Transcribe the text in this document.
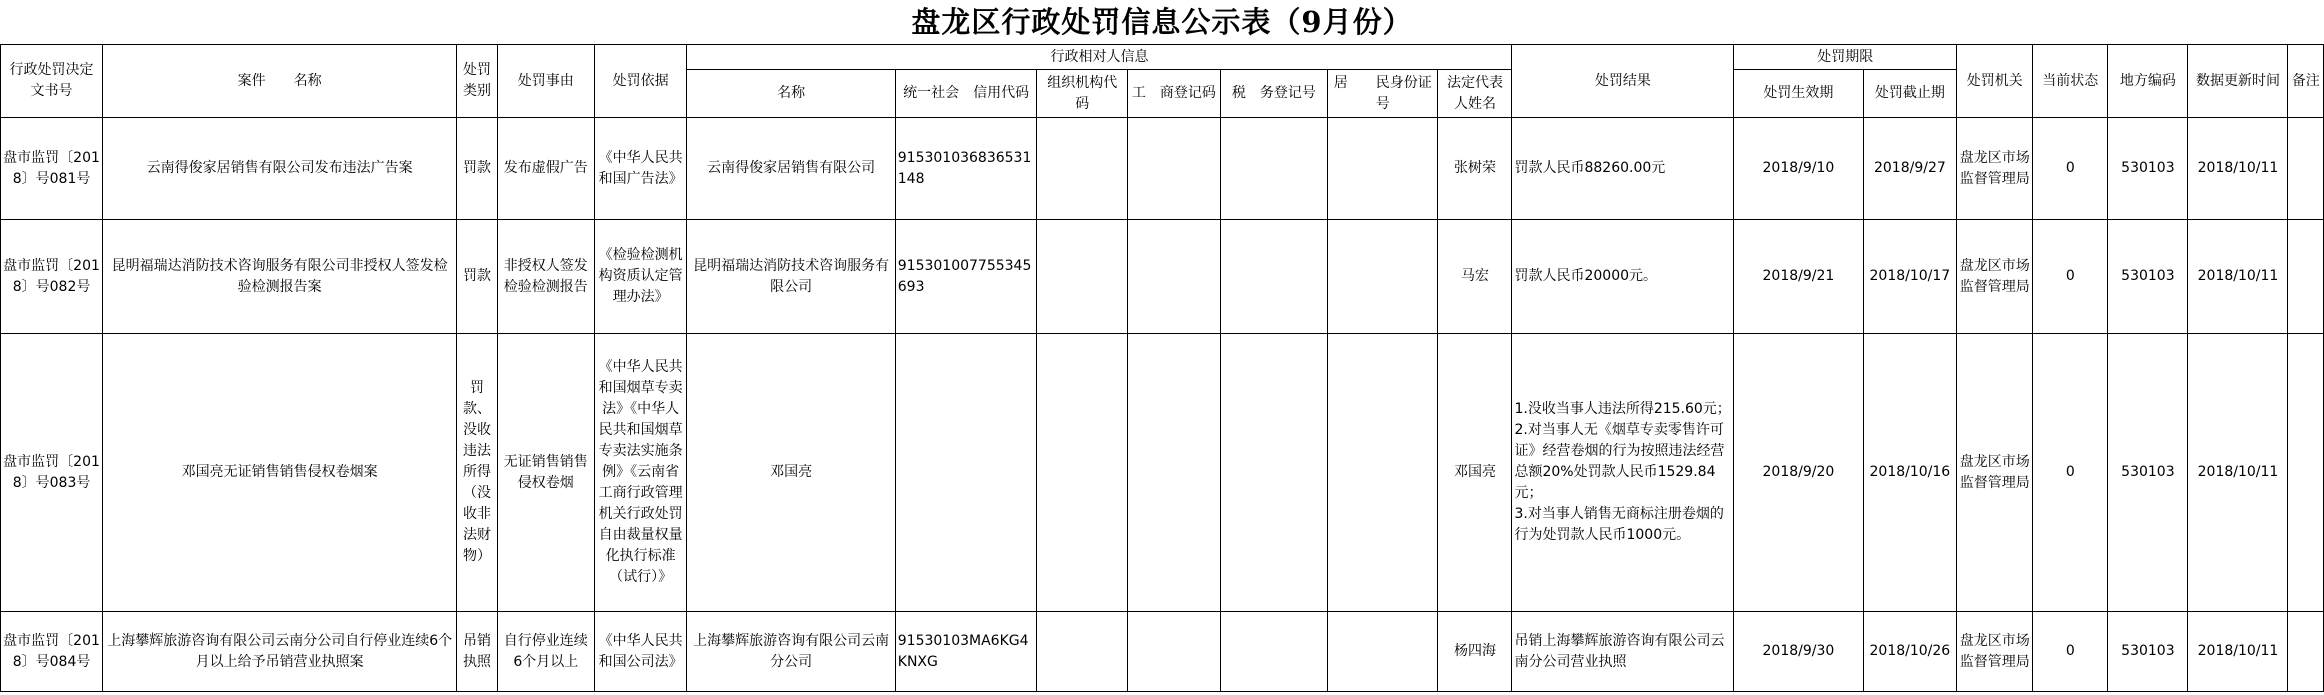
盘龙区行政处罚信息公示表（9月份）
行政处罚决定文书号	案件　　名称	处罚类别	处罚事由	处罚依据	行政相对人信息							处罚结果	处罚期限		处罚机关	当前状态	地方编码	数据更新时间	备注
					名称	统一社会　信用代码	组织机构代　　码	工　商登记码	税　务登记号	居　　民身份证号	法定代表人姓名		处罚生效期	处罚截止期					
盘市监罚〔2018〕号081号	云南得俊家居销售有限公司发布违法广告案	罚款	发布虚假广告	《中华人民共和国广告法》	云南得俊家居销售有限公司	915301036836531148					张树荣	罚款人民币88260.00元	2018/9/10	2018/9/27	盘龙区市场监督管理局	0	530103	2018/10/11	
盘市监罚〔2018〕号082号	昆明福瑞达消防技术咨询服务有限公司非授权人签发检验检测报告案	罚款	非授权人签发检验检测报告	《检验检测机构资质认定管理办法》	昆明福瑞达消防技术咨询服务有限公司	915301007755345693					马宏	罚款人民币20000元。	2018/9/21	2018/10/17	盘龙区市场监督管理局	0	530103	2018/10/11	
盘市监罚〔2018〕号083号	邓国亮无证销售销售侵权卷烟案	罚款、没收违法所得（没收非法财物）	无证销售销售侵权卷烟	《中华人民共和国烟草专卖法》《中华人民共和国烟草专卖法实施条例》《云南省工商行政管理机关行政处罚自由裁量权量化执行标准（试行）》	邓国亮						邓国亮	1.没收当事人违法所得215.60元；
2.对当事人无《烟草专卖零售许可证》经营卷烟的行为按照违法经营总额20%处罚款人民币1529.84元；
3.对当事人销售无商标注册卷烟的行为处罚款人民币1000元。	2018/9/20	2018/10/16	盘龙区市场监督管理局	0	530103	2018/10/11	
盘市监罚〔2018〕号084号	上海攀辉旅游咨询有限公司云南分公司自行停业连续6个月以上给予吊销营业执照案	吊销执照	自行停业连续6个月以上	《中华人民共和国公司法》	上海攀辉旅游咨询有限公司云南分公司	91530103MA6KG4KNXG					杨四海	吊销上海攀辉旅游咨询有限公司云南分公司营业执照	2018/9/30	2018/10/26	盘龙区市场监督管理局	0	530103	2018/10/11	
